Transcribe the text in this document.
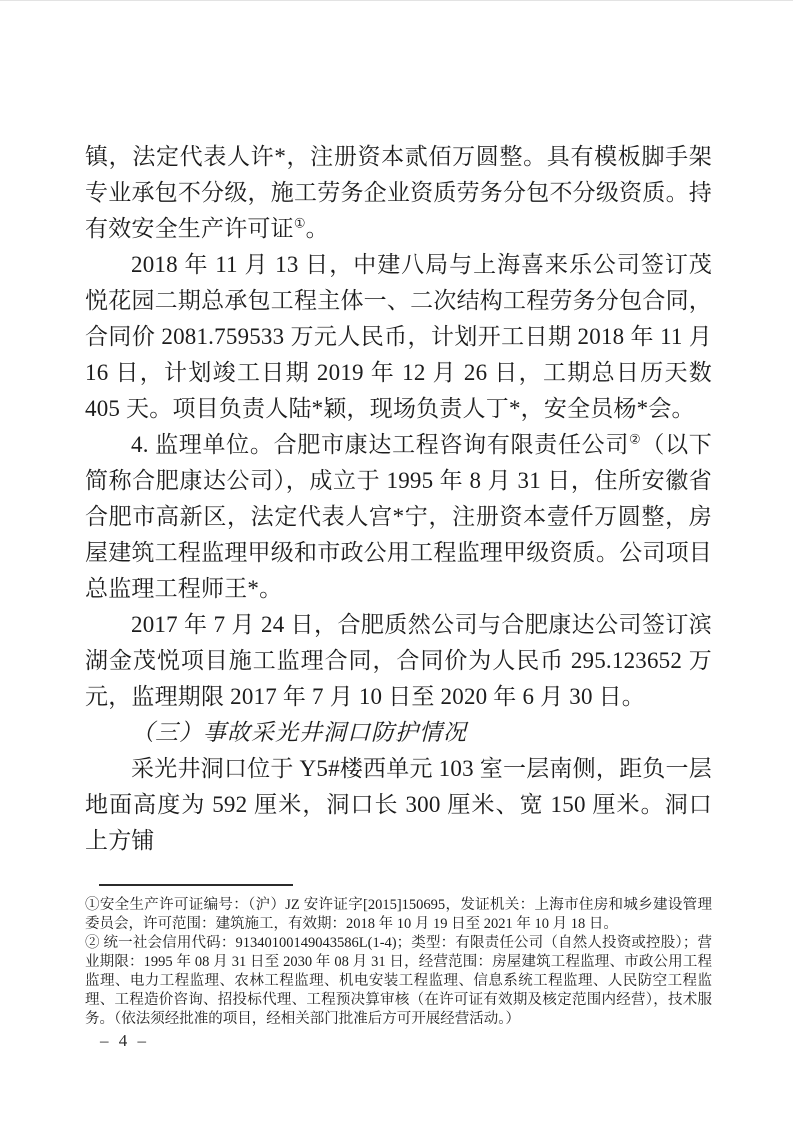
镇，法定代表人许*，注册资本贰佰万圆整。具有模板脚手架专业承包不分级，施工劳务企业资质劳务分包不分级资质。持有效安全生产许可证①。

2018 年 11 月 13 日，中建八局与上海喜来乐公司签订茂悦花园二期总承包工程主体一、二次结构工程劳务分包合同，合同价 2081.759533 万元人民币，计划开工日期 2018 年 11 月 16 日，计划竣工日期 2019 年 12 月 26 日，工期总日历天数 405 天。项目负责人陆*颖，现场负责人丁*，安全员杨*会。

4. 监理单位。合肥市康达工程咨询有限责任公司②（以下简称合肥康达公司），成立于 1995 年 8 月 31 日，住所安徽省合肥市高新区，法定代表人宫*宁，注册资本壹仟万圆整，房屋建筑工程监理甲级和市政公用工程监理甲级资质。公司项目总监理工程师王*。

2017 年 7 月 24 日，合肥质然公司与合肥康达公司签订滨湖金茂悦项目施工监理合同，合同价为人民币 295.123652 万元，监理期限 2017 年 7 月 10 日至 2020 年 6 月 30 日。

（三）事故采光井洞口防护情况

采光井洞口位于 Y5#楼西单元 103 室一层南侧，距负一层地面高度为 592 厘米，洞口长 300 厘米、宽 150 厘米。洞口上方铺

①安全生产许可证编号：（沪）JZ 安许证字[2015]150695，发证机关：上海市住房和城乡建设管理委员会，许可范围：建筑施工，有效期：2018 年 10 月 19 日至 2021 年 10 月 18 日。

② 统一社会信用代码：91340100149043586L(1-4)；类型：有限责任公司（自然人投资或控股）；营业期限：1995 年 08 月 31 日至 2030 年 08 月 31 日，经营范围：房屋建筑工程监理、市政公用工程监理、电力工程监理、农林工程监理、机电安装工程监理、信息系统工程监理、人民防空工程监理、工程造价咨询、招投标代理、工程预决算审核（在许可证有效期及核定范围内经营），技术服务。（依法须经批准的项目，经相关部门批准后方可开展经营活动。）

– 4 –
